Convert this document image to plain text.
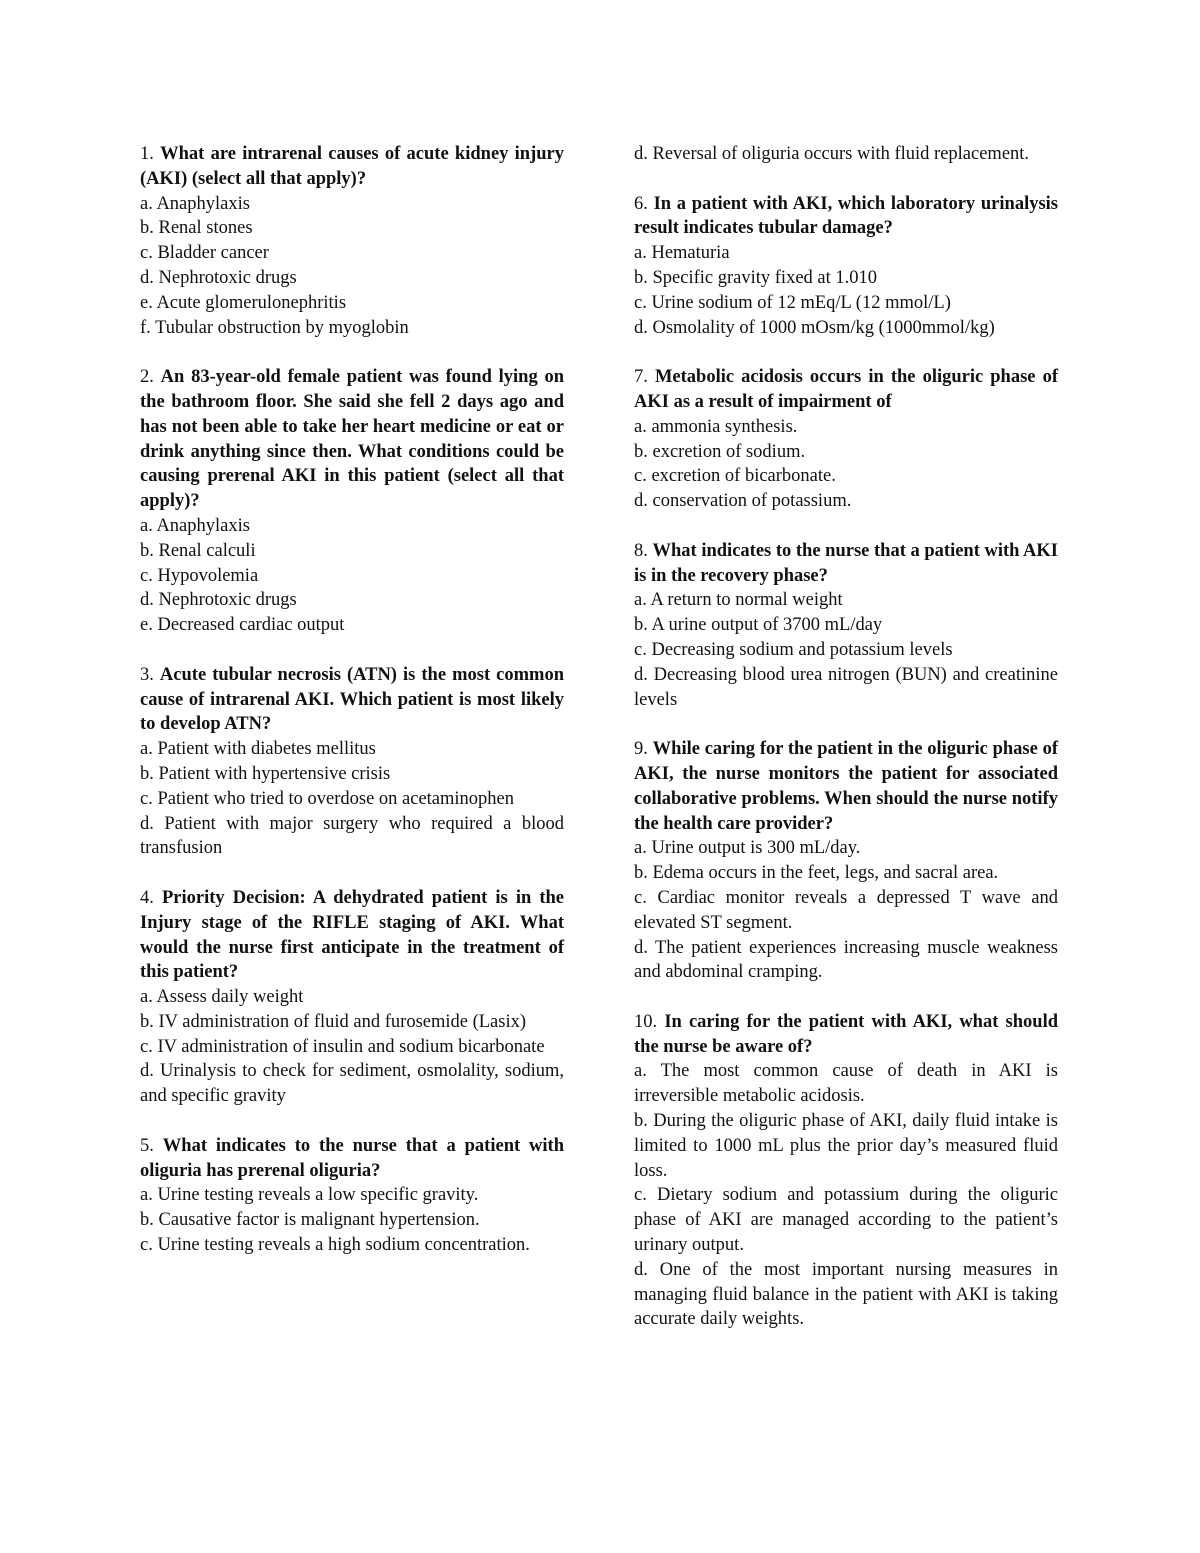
1. What are intrarenal causes of acute kidney injury (AKI) (select all that apply)?

a. Anaphylaxis

b. Renal stones

c. Bladder cancer

d. Nephrotoxic drugs

e. Acute glomerulonephritis

f. Tubular obstruction by myoglobin

2. An 83-year-old female patient was found lying on the bathroom floor. She said she fell 2 days ago and has not been able to take her heart medicine or eat or drink anything since then. What conditions could be causing prerenal AKI in this patient (select all that apply)?

a. Anaphylaxis

b. Renal calculi

c. Hypovolemia

d. Nephrotoxic drugs

e. Decreased cardiac output

3. Acute tubular necrosis (ATN) is the most common cause of intrarenal AKI. Which patient is most likely to develop ATN?

a. Patient with diabetes mellitus

b. Patient with hypertensive crisis

c. Patient who tried to overdose on acetaminophen

d. Patient with major surgery who required a blood transfusion

4. Priority Decision: A dehydrated patient is in the Injury stage of the RIFLE staging of AKI. What would the nurse first anticipate in the treatment of this patient?

a. Assess daily weight

b. IV administration of fluid and furosemide (Lasix)

c. IV administration of insulin and sodium bicarbonate

d. Urinalysis to check for sediment, osmolality, sodium, and specific gravity

5. What indicates to the nurse that a patient with oliguria has prerenal oliguria?

a. Urine testing reveals a low specific gravity.

b. Causative factor is malignant hypertension.

c. Urine testing reveals a high sodium concentration.

d. Reversal of oliguria occurs with fluid replacement.

6. In a patient with AKI, which laboratory urinalysis result indicates tubular damage?

a. Hematuria

b. Specific gravity fixed at 1.010

c. Urine sodium of 12 mEq/L (12 mmol/L)

d. Osmolality of 1000 mOsm/kg (1000mmol/kg)

7. Metabolic acidosis occurs in the oliguric phase of AKI as a result of impairment of

a. ammonia synthesis.

b. excretion of sodium.

c. excretion of bicarbonate.

d. conservation of potassium.

8. What indicates to the nurse that a patient with AKI is in the recovery phase?

a. A return to normal weight

b. A urine output of 3700 mL/day

c. Decreasing sodium and potassium levels

d. Decreasing blood urea nitrogen (BUN) and creatinine levels

9. While caring for the patient in the oliguric phase of AKI, the nurse monitors the patient for associated collaborative problems. When should the nurse notify the health care provider?

a. Urine output is 300 mL/day.

b. Edema occurs in the feet, legs, and sacral area.

c. Cardiac monitor reveals a depressed T wave and elevated ST segment.

d. The patient experiences increasing muscle weakness and abdominal cramping.

10. In caring for the patient with AKI, what should the nurse be aware of?

a. The most common cause of death in AKI is irreversible metabolic acidosis.

b. During the oliguric phase of AKI, daily fluid intake is limited to 1000 mL plus the prior day’s measured fluid loss.

c. Dietary sodium and potassium during the oliguric phase of AKI are managed according to the patient’s urinary output.

d. One of the most important nursing measures in managing fluid balance in the patient with AKI is taking accurate daily weights.
